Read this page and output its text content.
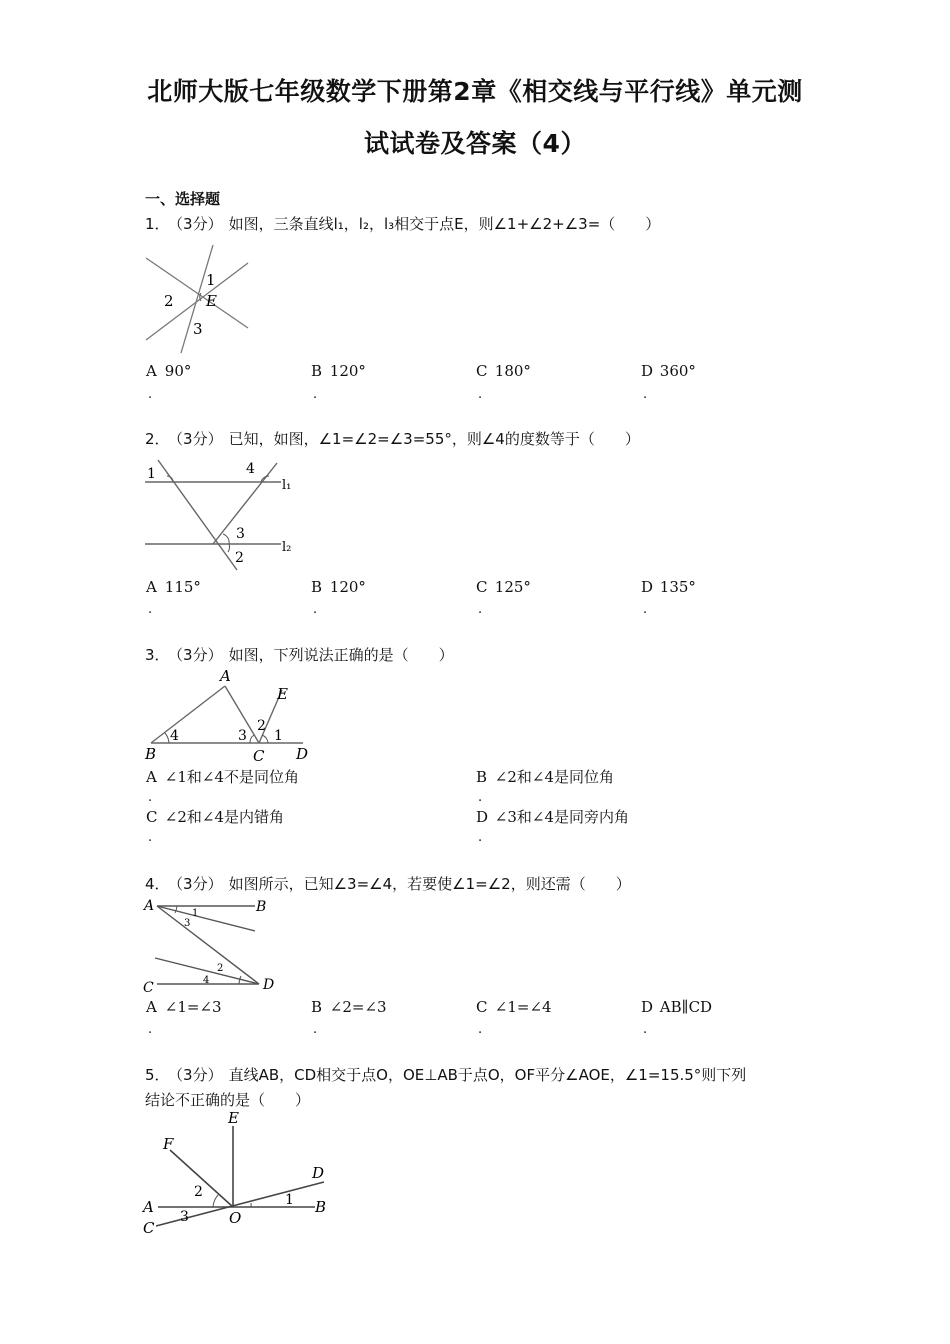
北师大版七年级数学下册第2章《相交线与平行线》单元测
试试卷及答案（4）
一、选择题
1． （3分） 如图，三条直线l₁，l₂，l₃相交于点E，则∠1+∠2+∠3=（　　）
1
2 E
3
A 90°	B 120°	C 180°	D 360°
.	.	.	.
2． （3分） 已知，如图，∠1=∠2=∠3=55°，则∠4的度数等于（　　）
1	4
l₁
3
2
l₂
A 115°	B 120°	C 125°	D 135°
.	.	.	.
3． （3分） 如图，下列说法正确的是（　　）
A
E
2
4	3 1
B	C D
A ∠1和∠4不是同位角	B ∠2和∠4是同位角
.	.
C ∠2和∠4是内错角	D ∠3和∠4是同旁内角
.	.
4． （3分） 如图所示，已知∠3=∠4，若要使∠1=∠2，则还需（　　）
A	B
1
3
2
4
C	D
A ∠1=∠3	B ∠2=∠3	C ∠1=∠4	D AB∥CD
.	.	.	.
5． （3分） 直线AB，CD相交于点O，OE⊥AB于点O，OF平分∠AOE，∠1=15.5°则下列
结论不正确的是（　　）
E
F
D
2	1
A	B
3	O
C
